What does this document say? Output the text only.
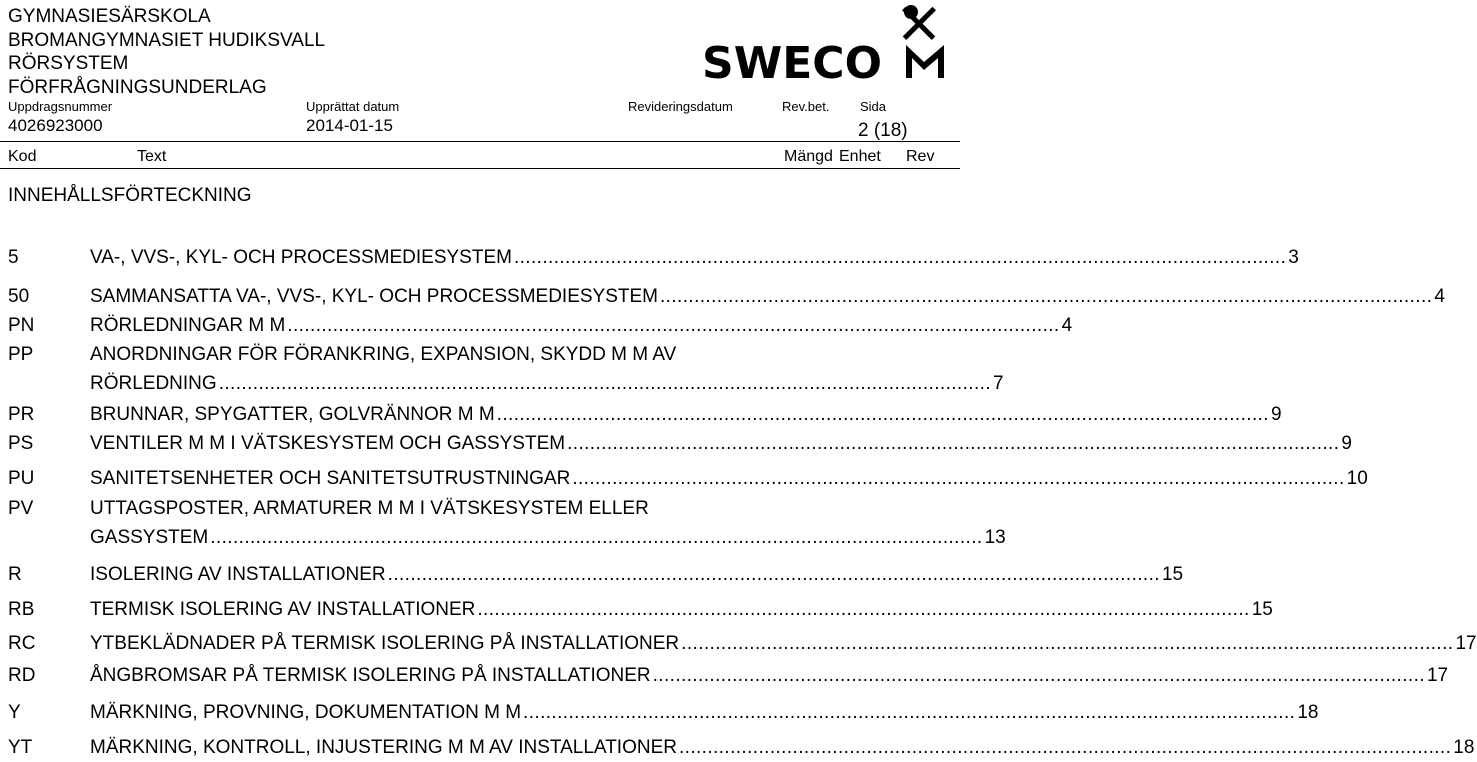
GYMNASIESÄRSKOLA
BROMANGYMNASIET HUDIKSVALL
RÖRSYSTEM
FÖRFRÅGNINGSUNDERLAG
Uppdragsnummer	Upprättat datum	Revideringsdatum	Rev.bet. Sida
4026923000	2014-01-15	2 (18)
SWECO
Kod	Text	Mängd Enhet Rev
INNEHÅLLSFÖRTECKNING
5	VA-, VVS-, KYL- OCH PROCESSMEDIESYSTEM ........................................................................................................................................ 3
50	SAMMANSATTA VA-, VVS-, KYL- OCH PROCESSMEDIESYSTEM ........................................................................................................................................ 4
PN	RÖRLEDNINGAR M M ........................................................................................................................................ 4
PP	ANORDNINGAR FÖR FÖRANKRING, EXPANSION, SKYDD M M AV
RÖRLEDNING ........................................................................................................................................ 7
PR	BRUNNAR, SPYGATTER, GOLVRÄNNOR M M ........................................................................................................................................ 9
PS	VENTILER M M I VÄTSKESYSTEM OCH GASSYSTEM ........................................................................................................................................ 9
PU	SANITETSENHETER OCH SANITETSUTRUSTNINGAR ........................................................................................................................................ 10
PV	UTTAGSPOSTER, ARMATURER M M I VÄTSKESYSTEM ELLER
GASSYSTEM ........................................................................................................................................ 13
R	ISOLERING AV INSTALLATIONER ........................................................................................................................................ 15
RB	TERMISK ISOLERING AV INSTALLATIONER ........................................................................................................................................ 15
RC	YTBEKLÄDNADER PÅ TERMISK ISOLERING PÅ INSTALLATIONER ........................................................................................................................................ 17
RD	ÅNGBROMSAR PÅ TERMISK ISOLERING PÅ INSTALLATIONER ........................................................................................................................................ 17
Y	MÄRKNING, PROVNING, DOKUMENTATION M M ........................................................................................................................................ 18
YT	MÄRKNING, KONTROLL, INJUSTERING M M AV INSTALLATIONER ........................................................................................................................................ 18
